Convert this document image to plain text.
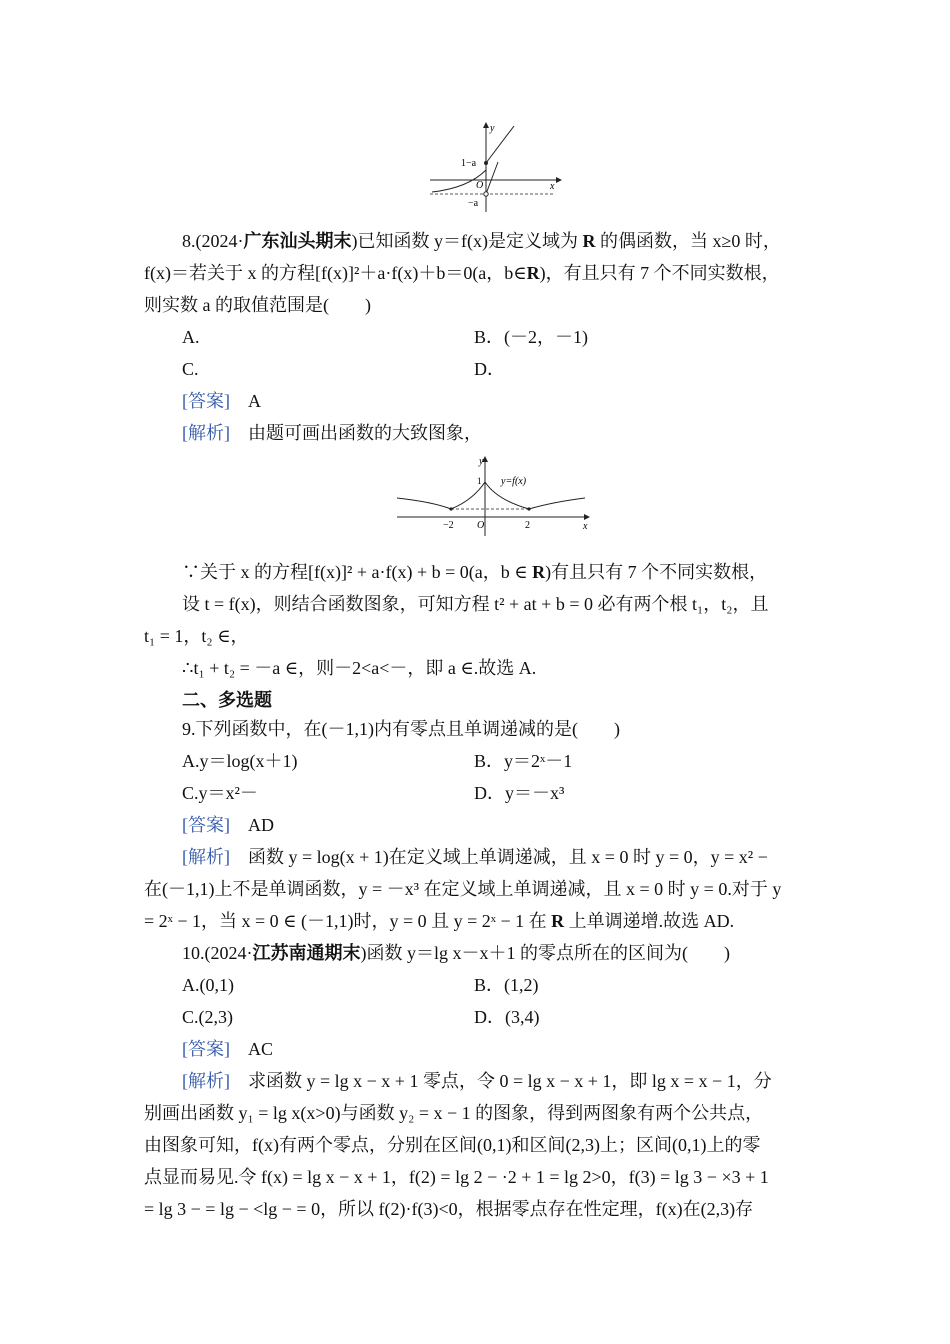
y
x
O
1−a
−a
8.(2024·广东汕头期末)已知函数 y＝f(x)是定义域为 R 的偶函数，当 x≥0 时，
f(x)＝若关于 x 的方程[f(x)]²＋a·f(x)＋b＝0(a，b∈R)，有且只有 7 个不同实数根，
则实数 a 的取值范围是(　　)
A.	B．(－2，－1)
C.	D．
[答案]  A
[解析]  由题可画出函数的大致图象，
y
x
O
y=f(x)
1
−2	2
∵关于 x 的方程[f(x)]² + a·f(x) + b = 0(a，b ∈ R)有且只有 7 个不同实数根，
设 t = f(x)，则结合函数图象，可知方程 t² + at + b = 0 必有两个根 t₁，t₂，且
t₁ = 1，t₂ ∈，
∴t₁ + t₂ = －a ∈，则－2<a<－，即 a ∈.故选 A.
二、多选题
9.下列函数中，在(－1,1)内有零点且单调递减的是(　　)
A.y＝log(x＋1)	B．y＝2ˣ－1
C.y＝x²－	D．y＝－x³
[答案]  AD
[解析]  函数 y = log(x + 1)在定义域上单调递减，且 x = 0 时 y = 0，y = x² −
在(－1,1)上不是单调函数，y = －x³ 在定义域上单调递减，且 x = 0 时 y = 0.对于 y
= 2ˣ − 1，当 x = 0 ∈ (－1,1)时，y = 0 且 y = 2ˣ − 1 在 R 上单调递增.故选 AD.
10.(2024·江苏南通期末)函数 y＝lg x－x＋1 的零点所在的区间为(　　)
A.(0,1)	B．(1,2)
C.(2,3)	D．(3,4)
[答案]  AC
[解析]  求函数 y = lg x − x + 1 零点，令 0 = lg x − x + 1，即 lg x = x − 1，分
别画出函数 y₁ = lg x(x>0)与函数 y₂ = x − 1 的图象，得到两图象有两个公共点，
由图象可知，f(x)有两个零点，分别在区间(0,1)和区间(2,3)上；区间(0,1)上的零
点显而易见.令 f(x) = lg x − x + 1，f(2) = lg 2 − ·2 + 1 = lg 2>0，f(3) = lg 3 − ×3 + 1
= lg 3 − = lg − <lg − = 0，所以 f(2)·f(3)<0，根据零点存在性定理，f(x)在(2,3)存
